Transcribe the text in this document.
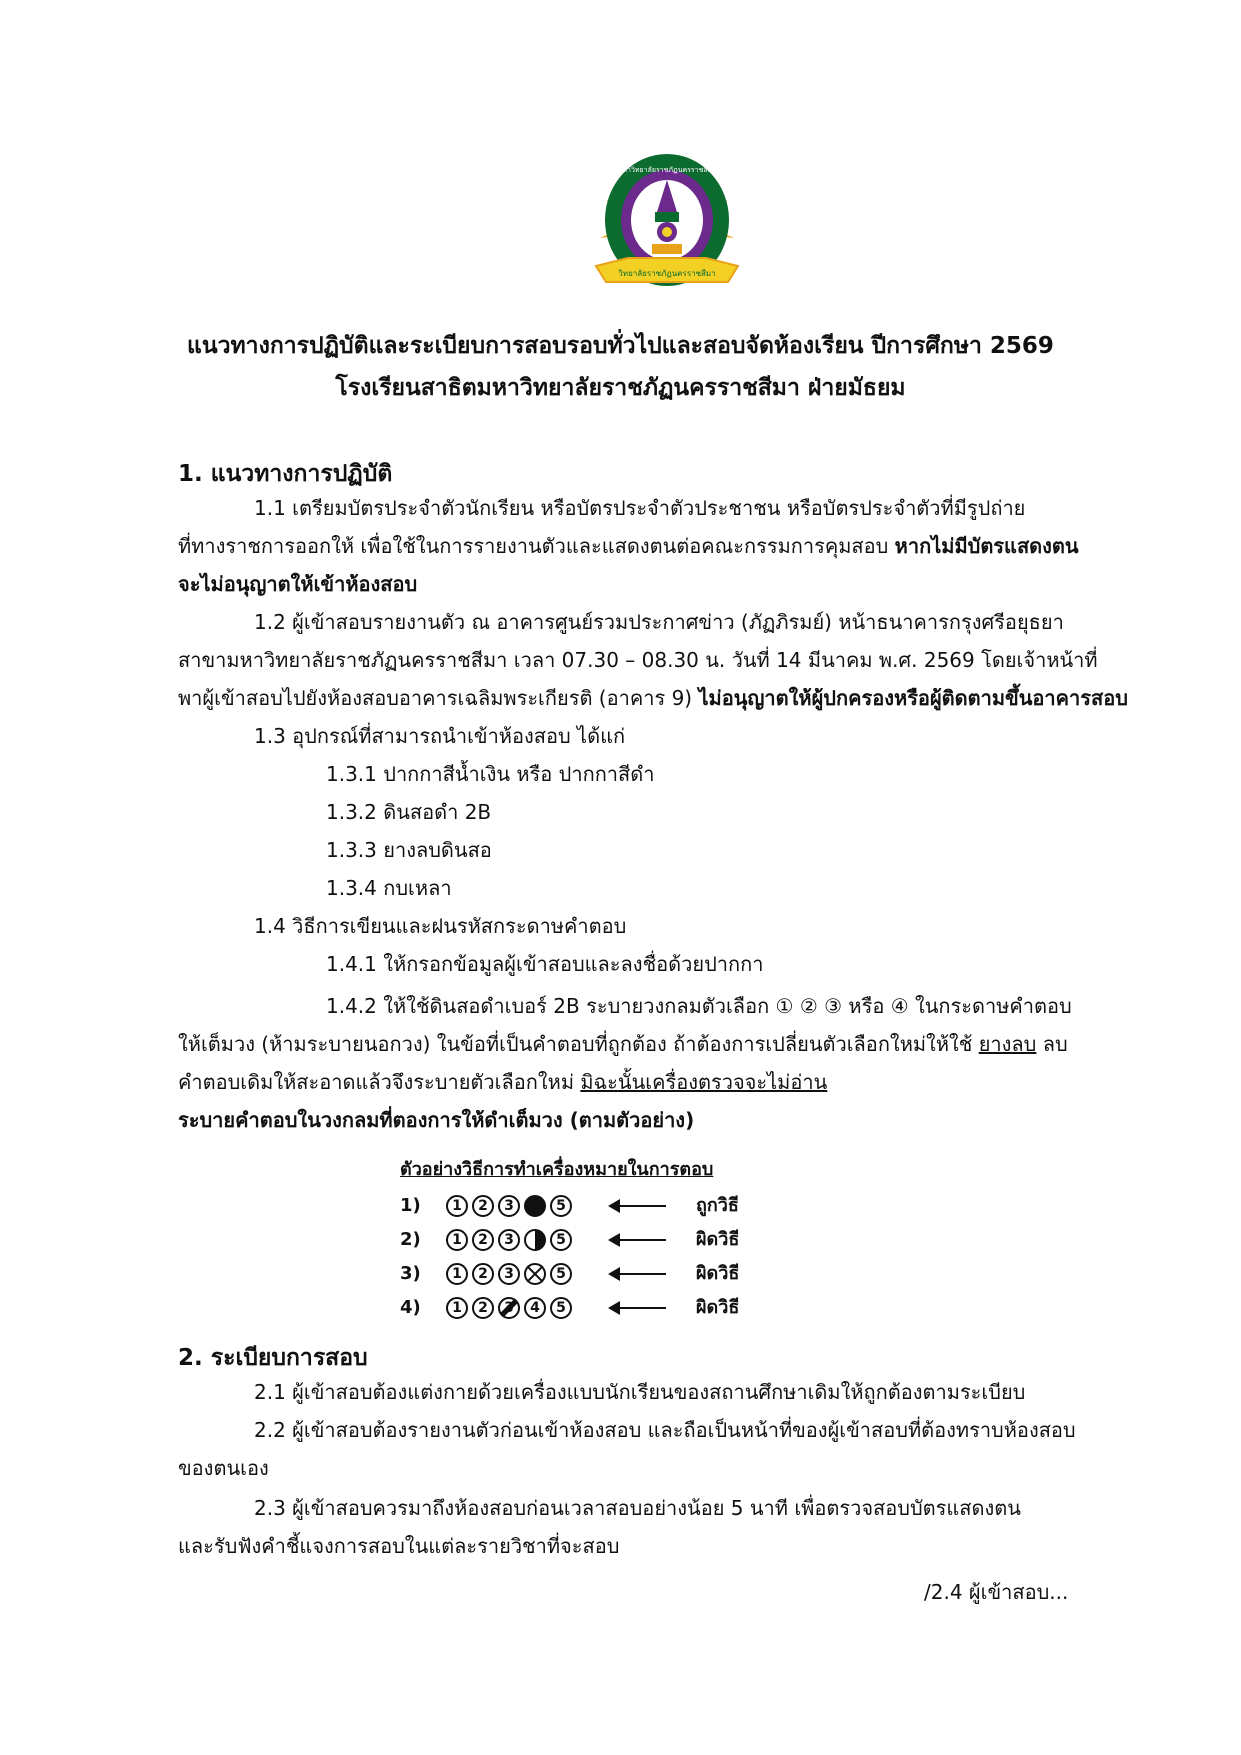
วิทยาลัยราชภัฏนครราชสีมา
มหาวิทยาลัยราชภัฏนครราชสีมา
แนวทางการปฏิบัติและระเบียบการสอบรอบทั่วไปและสอบจัดห้องเรียน ปีการศึกษา 2569
โรงเรียนสาธิตมหาวิทยาลัยราชภัฏนครราชสีมา ฝ่ายมัธยม
1. แนวทางการปฏิบัติ
1.1 เตรียมบัตรประจำตัวนักเรียน หรือบัตรประจำตัวประชาชน หรือบัตรประจำตัวที่มีรูปถ่าย
ที่ทางราชการออกให้ เพื่อใช้ในการรายงานตัวและแสดงตนต่อคณะกรรมการคุมสอบ หากไม่มีบัตรแสดงตน
จะไม่อนุญาตให้เข้าห้องสอบ
1.2 ผู้เข้าสอบรายงานตัว ณ อาคารศูนย์รวมประกาศข่าว (ภัฏภิรมย์) หน้าธนาคารกรุงศรีอยุธยา
สาขามหาวิทยาลัยราชภัฏนครราชสีมา เวลา 07.30 – 08.30 น. วันที่ 14 มีนาคม พ.ศ. 2569 โดยเจ้าหน้าที่
พาผู้เข้าสอบไปยังห้องสอบอาคารเฉลิมพระเกียรติ (อาคาร 9) ไม่อนุญาตให้ผู้ปกครองหรือผู้ติดตามขึ้นอาคารสอบ
1.3 อุปกรณ์ที่สามารถนำเข้าห้องสอบ ได้แก่
1.3.1 ปากกาสีน้ำเงิน หรือ ปากกาสีดำ
1.3.2 ดินสอดำ 2B
1.3.3 ยางลบดินสอ
1.3.4 กบเหลา
1.4 วิธีการเขียนและฝนรหัสกระดาษคำตอบ
1.4.1 ให้กรอกข้อมูลผู้เข้าสอบและลงชื่อด้วยปากกา
1.4.2 ให้ใช้ดินสอดำเบอร์ 2B ระบายวงกลมตัวเลือก ① ② ③ หรือ ④ ในกระดาษคำตอบ
ให้เต็มวง (ห้ามระบายนอกวง) ในข้อที่เป็นคำตอบที่ถูกต้อง ถ้าต้องการเปลี่ยนตัวเลือกใหม่ให้ใช้ ยางลบ ลบ
คำตอบเดิมให้สะอาดแล้วจึงระบายตัวเลือกใหม่ มิฉะนั้นเครื่องตรวจจะไม่อ่าน
ระบายคำตอบในวงกลมที่ตองการให้ดำเต็มวง (ตามตัวอย่าง)
ตัวอย่างวิธีการทำเครื่องหมายในการตอบ
1) 1 2 3 4 5	ถูกวิธี
2) 1 2 3	5	ผิดวิธี
3) 1 2 3	5	ผิดวิธี
4) 1 2 3 4 5	ผิดวิธี
2. ระเบียบการสอบ
2.1 ผู้เข้าสอบต้องแต่งกายด้วยเครื่องแบบนักเรียนของสถานศึกษาเดิมให้ถูกต้องตามระเบียบ
2.2 ผู้เข้าสอบต้องรายงานตัวก่อนเข้าห้องสอบ และถือเป็นหน้าที่ของผู้เข้าสอบที่ต้องทราบห้องสอบ
ของตนเอง
2.3 ผู้เข้าสอบควรมาถึงห้องสอบก่อนเวลาสอบอย่างน้อย 5 นาที เพื่อตรวจสอบบัตรแสดงตน
และรับฟังคำชี้แจงการสอบในแต่ละรายวิชาที่จะสอบ
/2.4 ผู้เข้าสอบ...
